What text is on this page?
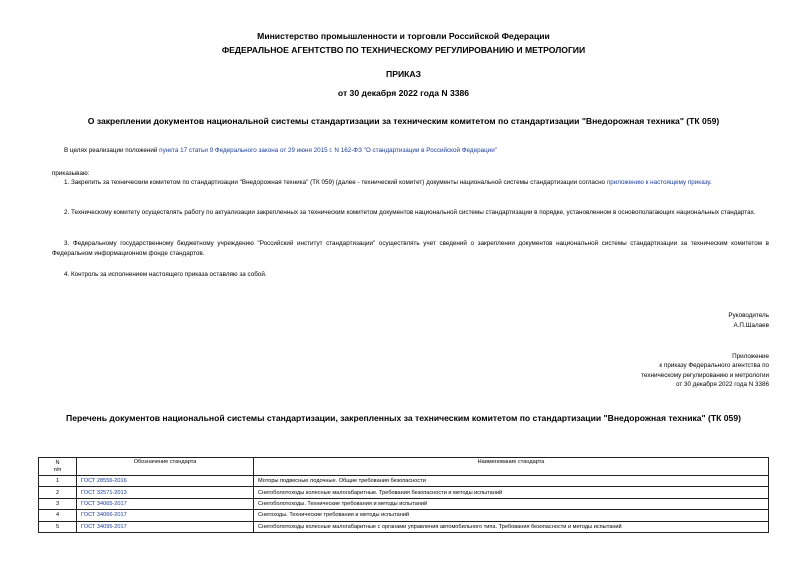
Министерство промышленности и торговли Российской Федерации
ФЕДЕРАЛЬНОЕ АГЕНТСТВО ПО ТЕХНИЧЕСКОМУ РЕГУЛИРОВАНИЮ И МЕТРОЛОГИИ
ПРИКАЗ
от 30 декабря 2022 года N 3386
О закреплении документов национальной системы стандартизации за техническим комитетом по стандартизации "Внедорожная техника" (ТК 059)
В целях реализации положений пункта 17 статьи 9 Федерального закона от 29 июня 2015 г. N 162-ФЗ "О стандартизации в Российской Федерации"
приказываю:
1. Закрепить за техническим комитетом по стандартизации "Внедорожная техника" (ТК 059) (далее - технический комитет) документы национальной системы стандартизации согласно приложению к настоящему приказу.
2. Техническому комитету осуществлять работу по актуализации закрепленных за техническим комитетом документов национальной системы стандартизации в порядке, установленном в основополагающих национальных стандартах.
3. Федеральному государственному бюджетному учреждению "Российский институт стандартизации" осуществлять учет сведений о закреплении документов национальной системы стандартизации за техническим комитетом в Федеральном информационном фонде стандартов.
4. Контроль за исполнением настоящего приказа оставляю за собой.
Руководитель
А.П.Шалаев
Приложение
к приказу Федерального агентства по
техническому регулированию и метрологии
от 30 декабря 2022 года N 3386
Перечень документов национальной системы стандартизации, закрепленных за техническим комитетом по стандартизации "Внедорожная техника" (ТК 059)
N
п/п	Обозначение стандарта	Наименование стандарта
1	ГОСТ 28556-2016	Моторы подвесные лодочные. Общие требования безопасности
2	ГОСТ 32571-2013	Снегоболотоходы колесные малогабаритные. Требования безопасности и методы испытаний
3	ГОСТ 34065-2017	Снегоболотоходы. Технические требования и методы испытаний
4	ГОСТ 34066-2017	Снегоходы. Технические требования и методы испытаний
5	ГОСТ 34095-2017	Снегоболотоходы колесные малогабаритные с органами управления автомобильного типа. Требования безопасности и методы испытаний
